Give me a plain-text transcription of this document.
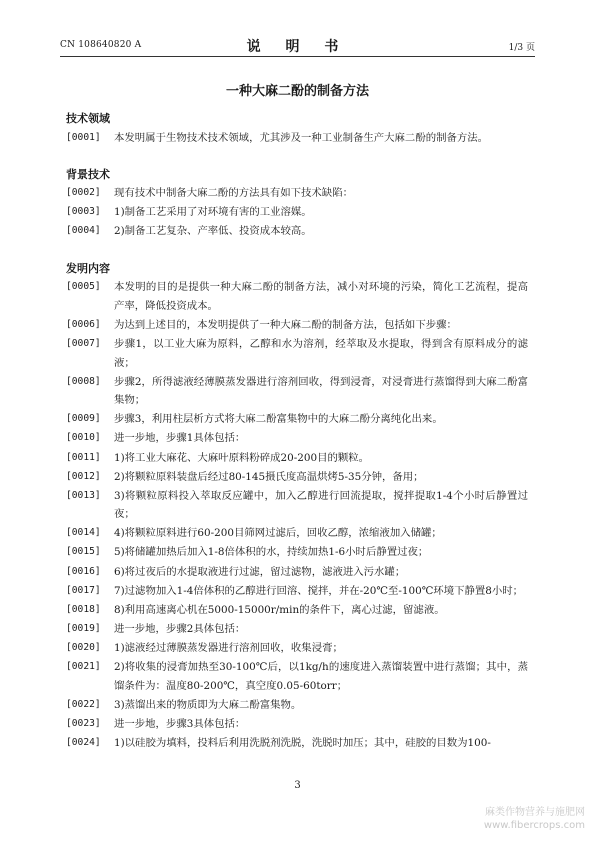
CN 108640820 A	说 明 书	1/3 页
一种大麻二酚的制备方法
技术领域
[0001] 本发明属于生物技术技术领域，尤其涉及一种工业制备生产大麻二酚的制备方法。
背景技术
[0002] 现有技术中制备大麻二酚的方法具有如下技术缺陷：
[0003] 1)制备工艺采用了对环境有害的工业溶媒。
[0004] 2)制备工艺复杂、产率低、投资成本较高。
发明内容
[0005] 本发明的目的是提供一种大麻二酚的制备方法，减小对环境的污染，简化工艺流程，提高产率，降低投资成本。
[0006] 为达到上述目的，本发明提供了一种大麻二酚的制备方法，包括如下步骤：
[0007] 步骤1，以工业大麻为原料，乙醇和水为溶剂，经萃取及水提取，得到含有原料成分的滤液；
[0008] 步骤2，所得滤液经薄膜蒸发器进行溶剂回收，得到浸膏，对浸膏进行蒸馏得到大麻二酚富集物；
[0009] 步骤3，利用柱层析方式将大麻二酚富集物中的大麻二酚分离纯化出来。
[0010] 进一步地，步骤1具体包括：
[0011] 1)将工业大麻花、大麻叶原料粉碎成20-200目的颗粒。
[0012] 2)将颗粒原料装盘后经过80-145摄氏度高温烘烤5-35分钟，备用；
[0013] 3)将颗粒原料投入萃取反应罐中，加入乙醇进行回流提取，搅拌提取1-4个小时后静置过夜；
[0014] 4)将颗粒原料进行60-200目筛网过滤后，回收乙醇，浓缩液加入储罐；
[0015] 5)将储罐加热后加入1-8倍体积的水，持续加热1-6小时后静置过夜；
[0016] 6)将过夜后的水提取液进行过滤，留过滤物，滤液进入污水罐；
[0017] 7)过滤物加入1-4倍体积的乙醇进行回溶、搅拌，并在-20℃至-100℃环境下静置8小时；
[0018] 8)利用高速离心机在5000-15000r/min的条件下，离心过滤，留滤液。
[0019] 进一步地，步骤2具体包括：
[0020] 1)滤液经过薄膜蒸发器进行溶剂回收，收集浸膏；
[0021] 2)将收集的浸膏加热至30-100℃后，以1kg/h的速度进入蒸馏装置中进行蒸馏；其中，蒸馏条件为：温度80-200℃，真空度0.05-60torr；
[0022] 3)蒸馏出来的物质即为大麻二酚富集物。
[0023] 进一步地，步骤3具体包括：
[0024] 1)以硅胶为填料，投料后利用洗脱剂洗脱，洗脱时加压；其中，硅胶的目数为100-
3
麻类作物营养与施肥网
www.fibercrops.com
